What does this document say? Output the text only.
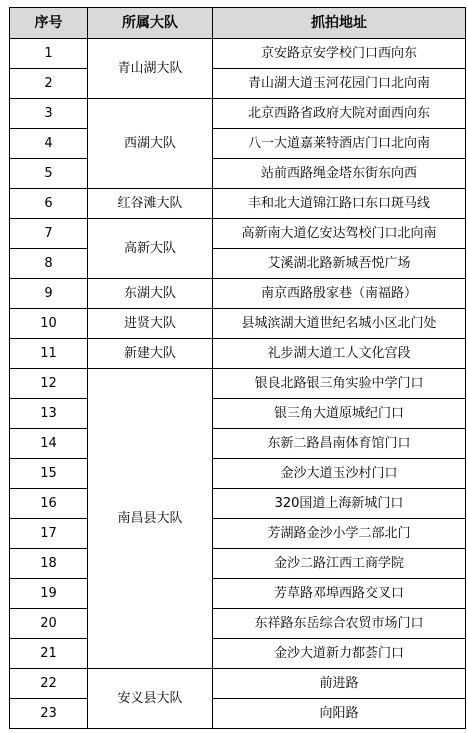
序号	所属大队	抓拍地址
1	青山湖大队	京安路京安学校门口西向东
2		青山湖大道玉河花园门口北向南
3	西湖大队	北京西路省政府大院对面西向东
4		八一大道嘉莱特酒店门口北向南
5		站前西路绳金塔东街东向西
6	红谷滩大队	丰和北大道锦江路口东口斑马线
7	高新大队	高新南大道亿安达驾校门口北向南
8		艾溪湖北路新城吾悦广场
9	东湖大队	南京西路殷家巷（南福路）
10	进贤大队	县城滨湖大道世纪名城小区北门处
11	新建大队	礼步湖大道工人文化宫段
12	南昌县大队	银良北路银三角实验中学门口
13		银三角大道原城纪门口
14		东新二路昌南体育馆门口
15		金沙大道玉沙村门口
16		320国道上海新城门口
17		芳湖路金沙小学二部北门
18		金沙二路江西工商学院
19		芳草路邓埠西路交叉口
20		东祥路东岳综合农贸市场门口
21		金沙大道新力都荟门口
22	安义县大队	前进路
23		向阳路
